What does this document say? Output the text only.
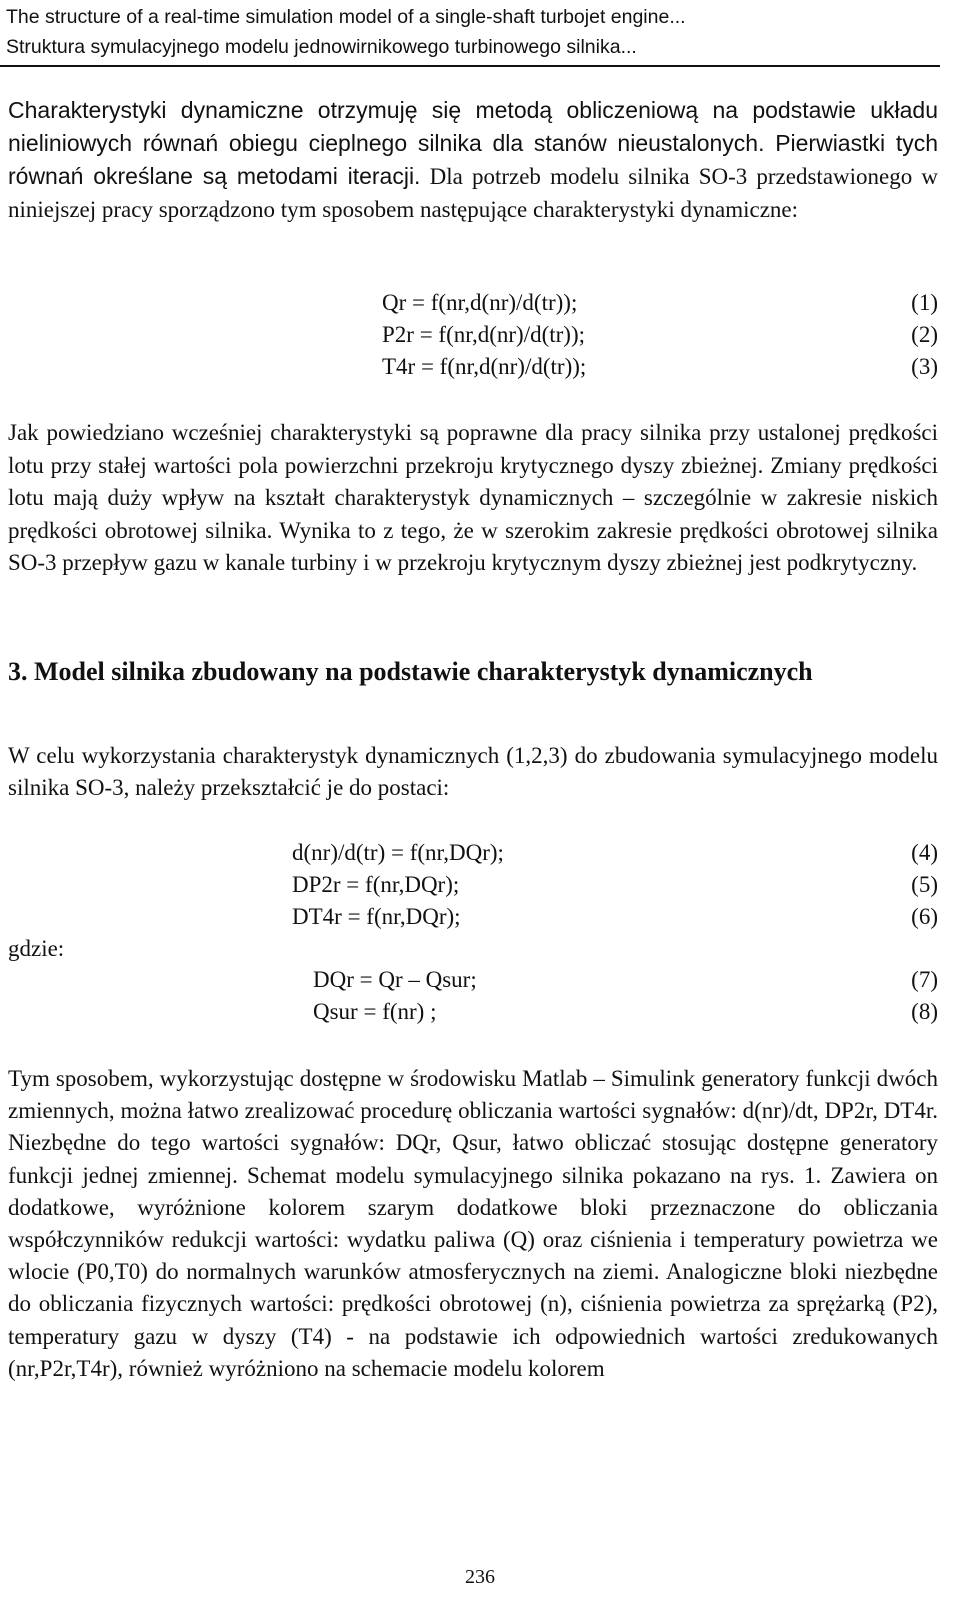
The structure of a real-time simulation model of a single-shaft turbojet engine...
Struktura symulacyjnego modelu jednowirnikowego turbinowego silnika...

Charakterystyki dynamiczne otrzymuję się metodą obliczeniową na podstawie układu nieliniowych równań obiegu cieplnego silnika dla stanów nieustalonych. Pierwiastki tych równań określane są metodami iteracji. Dla potrzeb modelu silnika SO-3 przedstawionego w niniejszej pracy sporządzono tym sposobem następujące charakterystyki dynamiczne:

Qr = f(nr,d(nr)/d(tr));	(1)
P2r = f(nr,d(nr)/d(tr));	(2)
T4r = f(nr,d(nr)/d(tr));	(3)

Jak powiedziano wcześniej charakterystyki są poprawne dla pracy silnika przy ustalonej prędkości lotu przy stałej wartości pola powierzchni przekroju krytycznego dyszy zbieżnej. Zmiany prędkości lotu mają duży wpływ na kształt charakterystyk dynamicznych – szczególnie w zakresie niskich prędkości obrotowej silnika. Wynika to z tego, że w szerokim zakresie prędkości obrotowej silnika SO-3 przepływ gazu w kanale turbiny i w przekroju krytycznym dyszy zbieżnej jest podkrytyczny.

3. Model silnika zbudowany na podstawie charakterystyk dynamicznych

W celu wykorzystania charakterystyk dynamicznych (1,2,3) do zbudowania symulacyjnego modelu silnika SO-3, należy przekształcić je do postaci:

d(nr)/d(tr) = f(nr,DQr);	(4)
DP2r = f(nr,DQr);	(5)
DT4r = f(nr,DQr);	(6)
gdzie:
DQr = Qr – Qsur;	(7)
Qsur = f(nr) ;	(8)

Tym sposobem, wykorzystując dostępne w środowisku Matlab – Simulink generatory funkcji dwóch zmiennych, można łatwo zrealizować procedurę obliczania wartości sygnałów: d(nr)/dt, DP2r, DT4r. Niezbędne do tego wartości sygnałów: DQr, Qsur, łatwo obliczać stosując dostępne generatory funkcji jednej zmiennej. Schemat modelu symulacyjnego silnika pokazano na rys. 1. Zawiera on dodatkowe, wyróżnione kolorem szarym dodatkowe bloki przeznaczone do obliczania współczynników redukcji wartości: wydatku paliwa (Q) oraz ciśnienia i temperatury powietrza we wlocie (P0,T0) do normalnych warunków atmosferycznych na ziemi. Analogiczne bloki niezbędne do obliczania fizycznych wartości: prędkości obrotowej (n), ciśnienia powietrza za sprężarką (P2), temperatury gazu w dyszy (T4) - na podstawie ich odpowiednich wartości zredukowanych (nr,P2r,T4r), również wyróżniono na schemacie modelu kolorem

236
